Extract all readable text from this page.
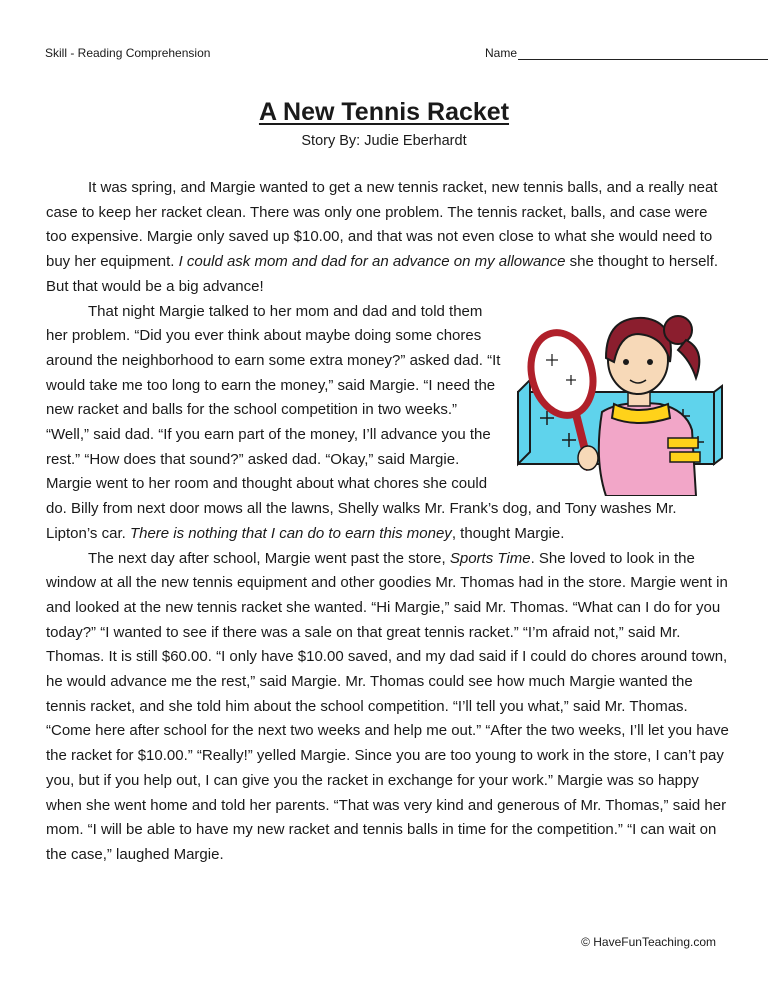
Skill - Reading Comprehension	Name
A New Tennis Racket
Story By: Judie Eberhardt

It was spring, and Margie wanted to get a new tennis racket, new tennis balls, and a really neat case to keep her racket clean. There was only one problem. The tennis racket, balls, and case were too expensive. Margie only saved up $10.00, and that was not even close to what she would need to buy her equipment. I could ask mom and dad for an advance on my allowance she thought to herself. But that would be a big advance!

That night Margie talked to her mom and dad and told them her problem. “Did you ever think about maybe doing some chores around the neighborhood to earn some extra money?” asked dad. “It would take me too long to earn the money,” said Margie. “I need the new racket and balls for the school competition in two weeks.” “Well,” said dad. “If you earn part of the money, I’ll advance you the rest.” “How does that sound?” asked dad. “Okay,” said Margie. Margie went to her room and thought about what chores she could do. Billy from next door mows all the lawns, Shelly walks Mr. Frank’s dog, and Tony washes Mr. Lipton’s car. There is nothing that I can do to earn this money, thought Margie.

The next day after school, Margie went past the store, Sports Time. She loved to look in the window at all the new tennis equipment and other goodies Mr. Thomas had in the store. Margie went in and looked at the new tennis racket she wanted. “Hi Margie,” said Mr. Thomas. “What can I do for you today?” “I wanted to see if there was a sale on that great tennis racket.” “I’m afraid not,” said Mr. Thomas. It is still $60.00. “I only have $10.00 saved, and my dad said if I could do chores around town, he would advance me the rest,” said Margie. Mr. Thomas could see how much Margie wanted the tennis racket, and she told him about the school competition. “I’ll tell you what,” said Mr. Thomas. “Come here after school for the next two weeks and help me out.” “After the two weeks, I’ll let you have the racket for $10.00.” “Really!” yelled Margie. Since you are too young to work in the store, I can’t pay you, but if you help out, I can give you the racket in exchange for your work.” Margie was so happy when she went home and told her parents. “That was very kind and generous of Mr. Thomas,” said her mom. “I will be able to have my new racket and tennis balls in time for the competition.” “I can wait on the case,” laughed Margie.

© HaveFunTeaching.com
